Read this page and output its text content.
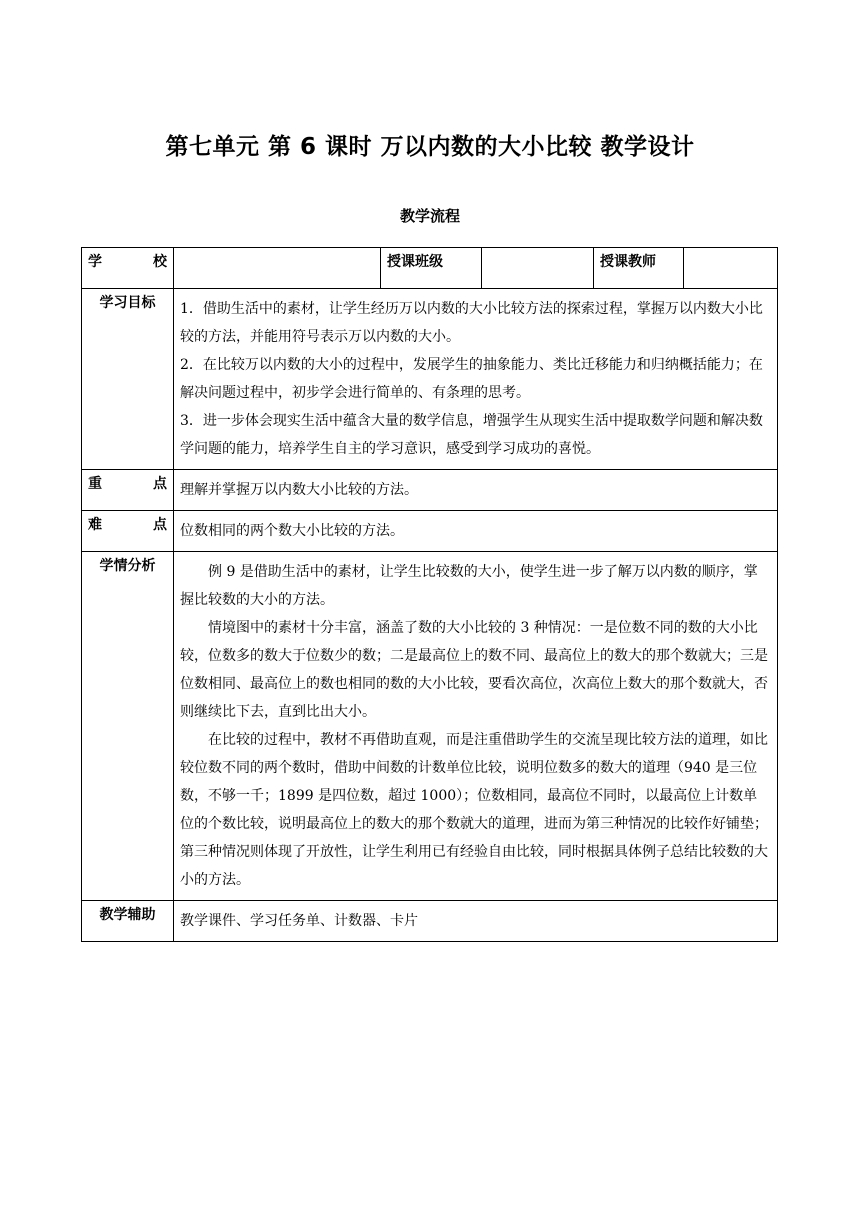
第七单元 第 6 课时 万以内数的大小比较 教学设计
教学流程
学 校		授课班级		授课教师	
学习目标	1．借助生活中的素材，让学生经历万以内数的大小比较方法的探索过程，掌握万以内数大小比较的方法，并能用符号表示万以内数的大小。

2．在比较万以内数的大小的过程中，发展学生的抽象能力、类比迁移能力和归纳概括能力；在解决问题过程中，初步学会进行简单的、有条理的思考。

3．进一步体会现实生活中蕴含大量的数学信息，增强学生从现实生活中提取数学问题和解决数学问题的能力，培养学生自主的学习意识，感受到学习成功的喜悦。				

重 点	理解并掌握万以内数大小比较的方法。				

难 点	位数相同的两个数大小比较的方法。				
学情分析	例 9 是借助生活中的素材，让学生比较数的大小，使学生进一步了解万以内数的顺序，掌握比较数的大小的方法。

情境图中的素材十分丰富，涵盖了数的大小比较的 3 种情况：一是位数不同的数的大小比较，位数多的数大于位数少的数；二是最高位上的数不同、最高位上的数大的那个数就大；三是位数相同、最高位上的数也相同的数的大小比较，要看次高位，次高位上数大的那个数就大，否则继续比下去，直到比出大小。

在比较的过程中，教材不再借助直观，而是注重借助学生的交流呈现比较方法的道理，如比较位数不同的两个数时，借助中间数的计数单位比较，说明位数多的数大的道理（940 是三位数，不够一千；1899 是四位数，超过 1000）；位数相同，最高位不同时，以最高位上计数单位的个数比较，说明最高位上的数大的那个数就大的道理，进而为第三种情况的比较作好铺垫；第三种情况则体现了开放性，让学生利用已有经验自由比较，同时根据具体例子总结比较数的大小的方法。				

教学辅助	教学课件、学习任务单、计数器、卡片				
